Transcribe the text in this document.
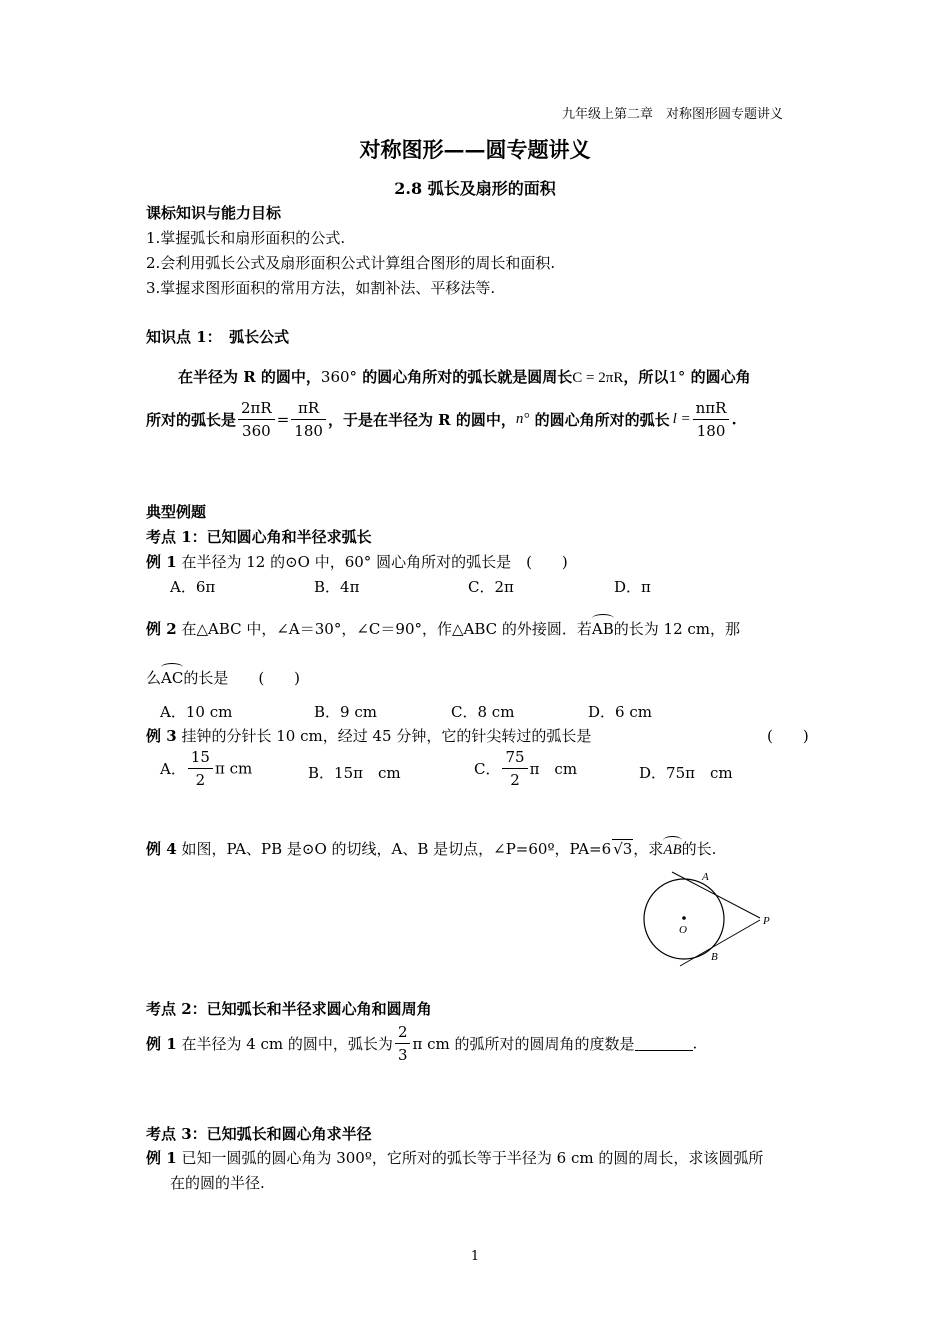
九年级上第二章　对称图形圆专题讲义
对称图形——圆专题讲义
2.8 弧长及扇形的面积
课标知识与能力目标
1.掌握弧长和扇形面积的公式.
2.会利用弧长公式及扇形面积公式计算组合图形的周长和面积.
3.掌握求图形面积的常用方法，如割补法、平移法等.
知识点 1：　弧长公式
在半径为 R 的圆中，360° 的圆心角所对的弧长就是圆周长C = 2πR，所以1° 的圆心角
所对的弧长是 $\frac{2\pi R}{360} = \frac{\pi R}{180}$ ，于是在半径为 R 的圆中，n° 的圆心角所对的弧长 $l = \frac{\text{nπR}}{180}$ .
典型例题
考点 1：已知圆心角和半径求弧长
例 1 在半径为 12 的⊙O 中，60° 圆心角所对的弧长是　(　　)
A．6π	B．4π	C．2π	D．π
例 2 在△ABC 中，∠A＝30°，∠C＝90°，作△ABC 的外接圆．若AB的长为 12 cm，那
么AC的长是　　(　　)
A．10 cm	B．9 cm	C．8 cm	D．6 cm
例 3 挂钟的分针长 10 cm，经过 45 分钟，它的针尖转过的弧长是	(　　)
A． $\frac{15}{2}$ π cm	B．15π　cm	C． $\frac{75}{2}$ π　cm	D．75π　cm
例 4 如图，PA、PB 是⊙O 的切线，A、B 是切点，∠P=60º，PA=6 √3，求AB的长.
A
B
O
P
考点 2：已知弧长和半径求圆心角和圆周角
例 1 在半径为 4 cm 的圆中，弧长为 $\frac{2}{3}$ π cm 的弧所对的圆周角的度数是	.
考点 3：已知弧长和圆心角求半径
例 1 已知一圆弧的圆心角为 300º，它所对的弧长等于半径为 6 cm 的圆的周长，求该圆弧所
在的圆的半径.
1
